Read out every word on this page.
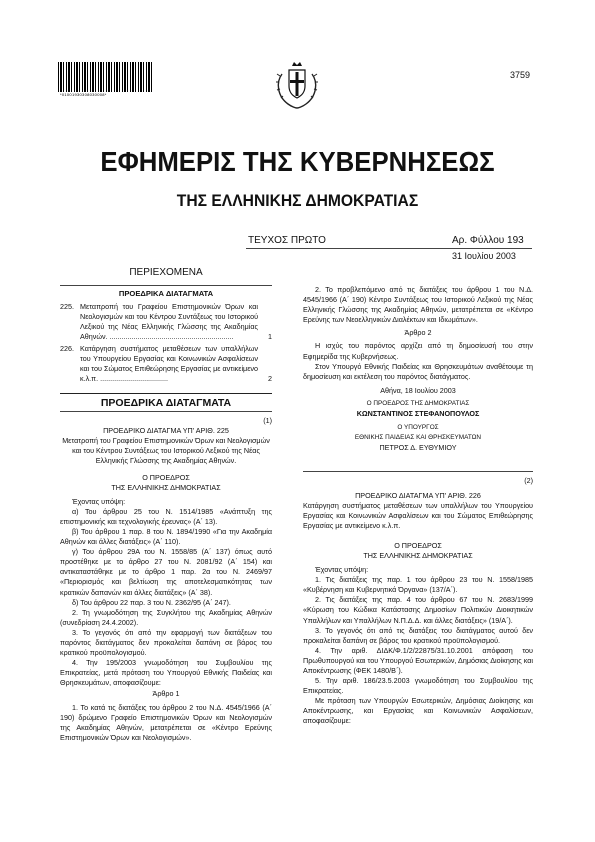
*01001930308030008*
3759
ΕΦΗΜΕΡΙΣ ΤΗΣ ΚΥΒΕΡΝΗΣΕΩΣ
ΤΗΣ ΕΛΛΗΝΙΚΗΣ ΔΗΜΟΚΡΑΤΙΑΣ
ΤΕΥΧΟΣ ΠΡΩΤΟ	Αρ. Φύλλου 193
31 Ιουλίου 2003

ΠΕΡΙΕΧΟΜΕΝΑ

ΠΡΟΕΔΡΙΚΑ ΔΙΑΤΑΓΜΑΤΑ

225. Μεταπροπή του Γραφείου Επιστημονικών Όρων και Νεολογισμών και του Κέντρου Συντάξεως του Ιστορικού Λεξικού της Νέας Ελληνικής Γλώσσης της Ακαδημίας Αθηνών. ..............................................................	1
226. Κατάργηση συστήματος μεταθέσεων των υπαλλήλων του Υπουργείου Εργασίας και Κοινωνικών Ασφαλίσεων και του Σώματος Επιθεώρησης Εργασίας με αντικείμενο κ.λ.π. ..................................	2

ΠΡΟΕΔΡΙΚΑ ΔΙΑΤΑΓΜΑΤΑ

(1)

ΠΡΟΕΔΡΙΚΟ ΔΙΑΤΑΓΜΑ ΥΠ' ΑΡΙΘ. 225

Μετατροπή του Γραφείου Επιστημονικών Όρων και Νεολογισμών και του Κέντρου Συντάξεως του Ιστορικού Λεξικού της Νέας Ελληνικής Γλώσσης της Ακαδημίας Αθηνών.

Ο ΠΡΟΕΔΡΟΣ

ΤΗΣ ΕΛΛΗΝΙΚΗΣ ΔΗΜΟΚΡΑΤΙΑΣ

Έχοντας υπόψη:

α) Του άρθρου 25 του Ν. 1514/1985 «Ανάπτυξη της επιστημονικής και τεχνολογικής έρευνας» (Α΄ 13).

β) Του άρθρου 1 παρ. 8 του Ν. 1894/1990 «Για την Ακαδημία Αθηνών και άλλες διατάξεις» (Α΄ 110).

γ) Του άρθρου 29Α του Ν. 1558/85 (Α΄ 137) όπως αυτό προστέθηκε με το άρθρο 27 του Ν. 2081/92 (Α΄ 154) και αντικαταστάθηκε με το άρθρο 1 παρ. 2α του Ν. 2469/97 «Περιορισμός και βελτίωση της αποτελεσματικότητας των κρατικών δαπανών και άλλες διατάξεις» (Α΄ 38).

δ) Του άρθρου 22 παρ. 3 του Ν. 2362/95 (Α΄ 247).

2. Τη γνωμοδότηση της Συγκλήτου της Ακαδημίας Αθηνών (συνεδρίαση 24.4.2002).

3. Το γεγονός ότι από την εφαρμογή των διατάξεων του παρόντος διατάγματος δεν προκαλείται δαπάνη σε βάρος του κρατικού προϋπολογισμού.

4. Την 195/2003 γνωμοδότηση του Συμβουλίου της Επικρατείας, μετά πρόταση του Υπουργού Εθνικής Παιδείας και Θρησκευμάτων, αποφασίζουμε:

Άρθρο 1

1. Το κατά τις διατάξεις του άρθρου 2 του Ν.Δ. 4545/1966 (Α΄ 190) δρώμενο Γραφείο Επιστημονικών Όρων και Νεολογισμών της Ακαδημίας Αθηνών, μετατρέπεται σε «Κέντρο Ερεύνης Επιστημονικών Όρων και Νεολογισμών».

2. Το προβλεπόμενο από τις διατάξεις του άρθρου 1 του Ν.Δ. 4545/1966 (Α΄ 190) Κέντρο Συντάξεως του Ιστορικού Λεξικού της Νέας Ελληνικής Γλώσσης της Ακαδημίας Αθηνών, μετατρέπεται σε «Κέντρο Ερεύνης των Νεοελληνικών Διαλέκτων και Ιδιωμάτων».

Άρθρο 2

Η ισχύς του παρόντος αρχίζει από τη δημοσίευσή του στην Εφημερίδα της Κυβερνήσεως.

Στον Υπουργό Εθνικής Παιδείας και Θρησκευμάτων αναθέτουμε τη δημοσίευση και εκτέλεση του παρόντος διατάγματος.

Αθήνα, 18 Ιουλίου 2003

Ο ΠΡΟΕΔΡΟΣ ΤΗΣ ΔΗΜΟΚΡΑΤΙΑΣ

ΚΩΝΣΤΑΝΤΙΝΟΣ ΣΤΕΦΑΝΟΠΟΥΛΟΣ

Ο ΥΠΟΥΡΓΟΣ

ΕΘΝΙΚΗΣ ΠΑΙΔΕΙΑΣ ΚΑΙ ΘΡΗΣΚΕΥΜΑΤΩΝ

ΠΕΤΡΟΣ Δ. ΕΥΘΥΜΙΟΥ

(2)

ΠΡΟΕΔΡΙΚΟ ΔΙΑΤΑΓΜΑ ΥΠ' ΑΡΙΘ. 226

Κατάργηση συστήματος μεταθέσεων των υπαλλήλων του Υπουργείου Εργασίας και Κοινωνικών Ασφαλίσεων και του Σώματος Επιθεώρησης Εργασίας με αντικείμενο κ.λ.π.

Ο ΠΡΟΕΔΡΟΣ

ΤΗΣ ΕΛΛΗΝΙΚΗΣ ΔΗΜΟΚΡΑΤΙΑΣ

Έχοντας υπόψη:

1. Τις διατάξεις της παρ. 1 του άρθρου 23 του Ν. 1558/1985 «Κυβέρνηση και Κυβερνητικά Όργανα» (137/Α΄).

2. Τις διατάξεις της παρ. 4 του άρθρου 67 του Ν. 2683/1999 «Κύρωση του Κώδικα Κατάστασης Δημοσίων Πολιτικών Διοικητικών Υπαλλήλων και Υπαλλήλων Ν.Π.Δ.Δ. και άλλες διατάξεις» (19/Α΄).

3. Το γεγονός ότι από τις διατάξεις του διατάγματος αυτού δεν προκαλείται δαπάνη σε βάρος του κρατικού προϋπολογισμού.

4. Την αριθ. ΔΙΔΚ/Φ.1/2/22875/31.10.2001 απόφαση του Πρωθυπουργού και του Υπουργού Εσωτερικών, Δημόσιας Διοίκησης και Αποκέντρωσης (ΦΕΚ 1480/Β΄).

5. Την αριθ. 186/23.5.2003 γνωμοδότηση του Συμβουλίου της Επικρατείας.

Με πρόταση των Υπουργών Εσωτερικών, Δημόσιας Διοίκησης και Αποκέντρωσης, και Εργασίας και Κοινωνικών Ασφαλίσεων, αποφασίζουμε:
